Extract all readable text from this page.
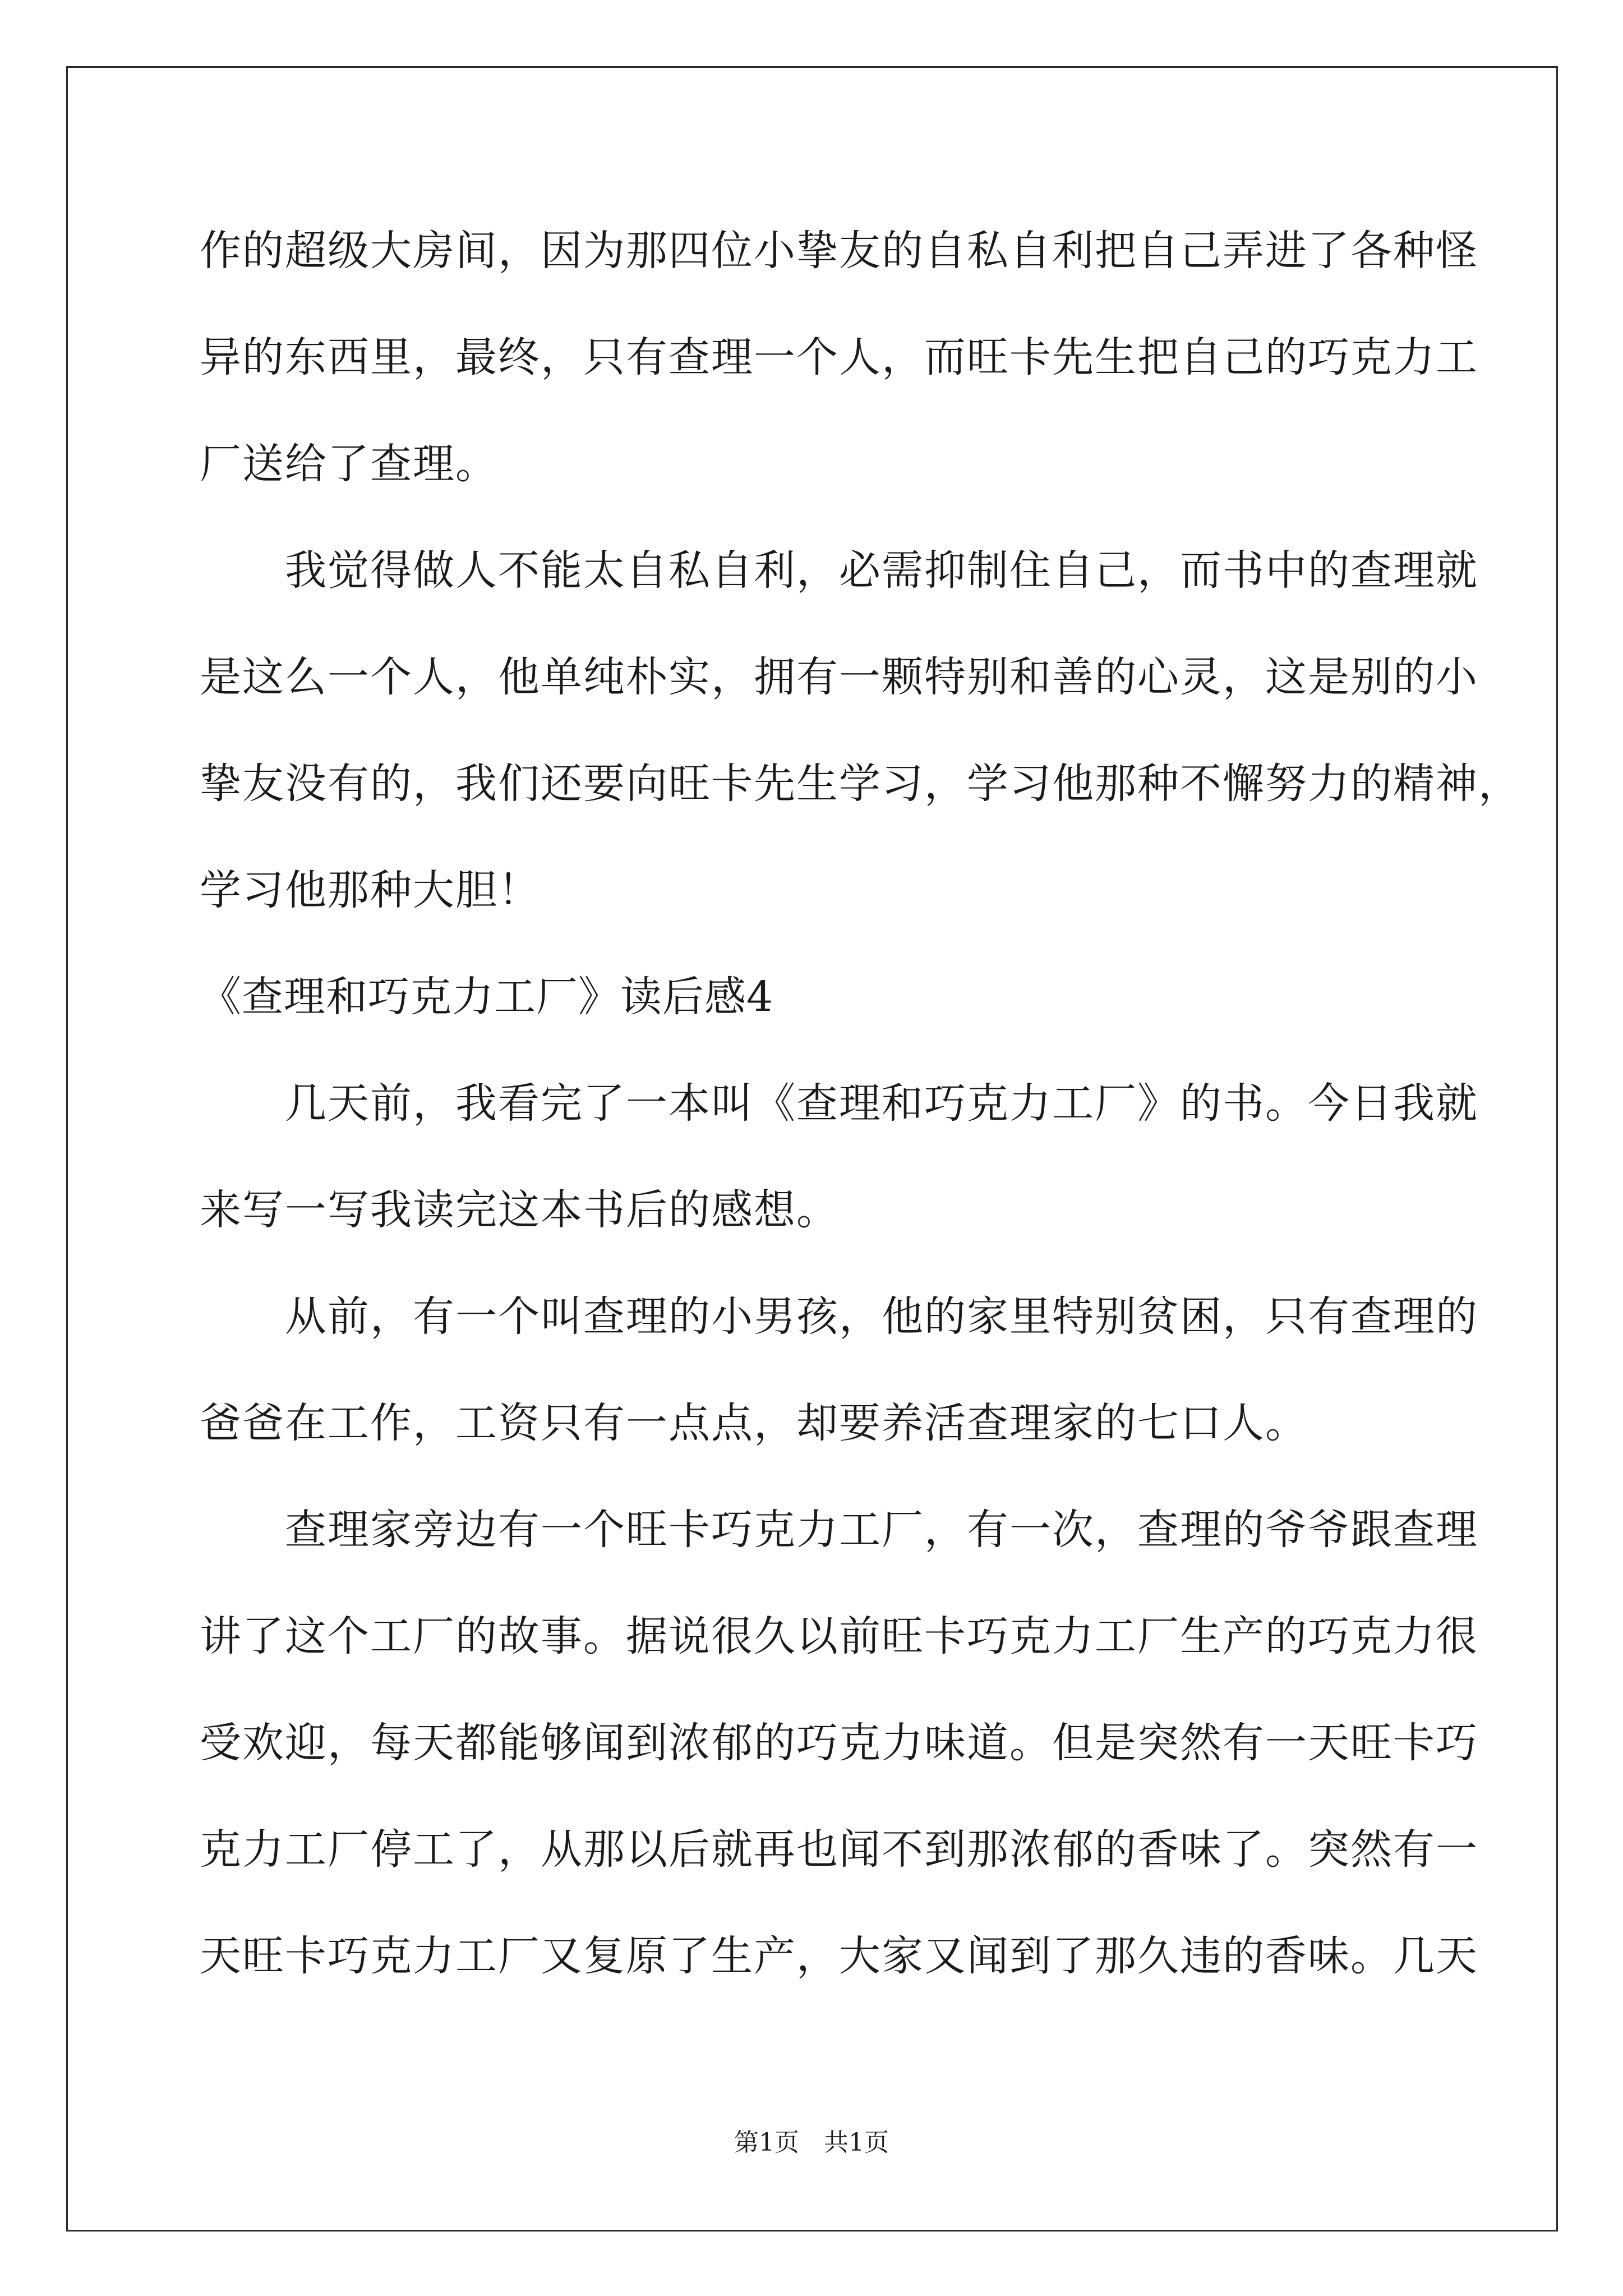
作的超级大房间，因为那四位小挚友的自私自利把自己弄进了各种怪
异的东西里，最终，只有查理一个人，而旺卡先生把自己的巧克力工
厂送给了查理。
　　我觉得做人不能太自私自利，必需抑制住自己，而书中的查理就
是这么一个人，他单纯朴实，拥有一颗特别和善的心灵，这是别的小
挚友没有的，我们还要向旺卡先生学习，学习他那种不懈努力的精神，
学习他那种大胆！
《查理和巧克力工厂》读后感4
　　几天前，我看完了一本叫《查理和巧克力工厂》的书。今日我就
来写一写我读完这本书后的感想。
　　从前，有一个叫查理的小男孩，他的家里特别贫困，只有查理的
爸爸在工作，工资只有一点点，却要养活查理家的七口人。
　　查理家旁边有一个旺卡巧克力工厂，有一次，查理的爷爷跟查理
讲了这个工厂的故事。据说很久以前旺卡巧克力工厂生产的巧克力很
受欢迎，每天都能够闻到浓郁的巧克力味道。但是突然有一天旺卡巧
克力工厂停工了，从那以后就再也闻不到那浓郁的香味了。突然有一
天旺卡巧克力工厂又复原了生产，大家又闻到了那久违的香味。几天
第1页　共1页
